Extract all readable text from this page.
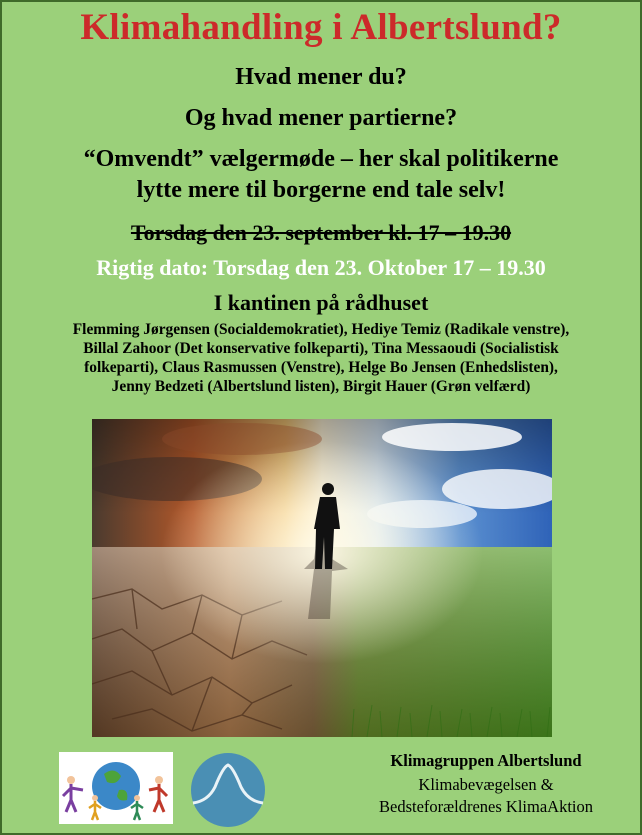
Klimahandling i Albertslund?
Hvad mener du?
Og hvad mener partierne?
“Omvendt” vælgermøde – her skal politikerne
lytte mere til borgerne end tale selv!
Torsdag den 23. september kl. 17 – 19.30
Rigtig dato: Torsdag den 23. Oktober 17 – 19.30
I kantinen på rådhuset
Flemming Jørgensen (Socialdemokratiet), Hediye Temiz (Radikale venstre),
Billal Zahoor (Det konservative folkeparti), Tina Messaoudi (Socialistisk
folkeparti), Claus Rasmussen (Venstre), Helge Bo Jensen (Enhedslisten),
Jenny Bedzeti (Albertslund listen), Birgit Hauer (Grøn velfærd)
Klimagruppen Albertslund
Klimabevægelsen &
Bedsteforældrenes KlimaAktion
